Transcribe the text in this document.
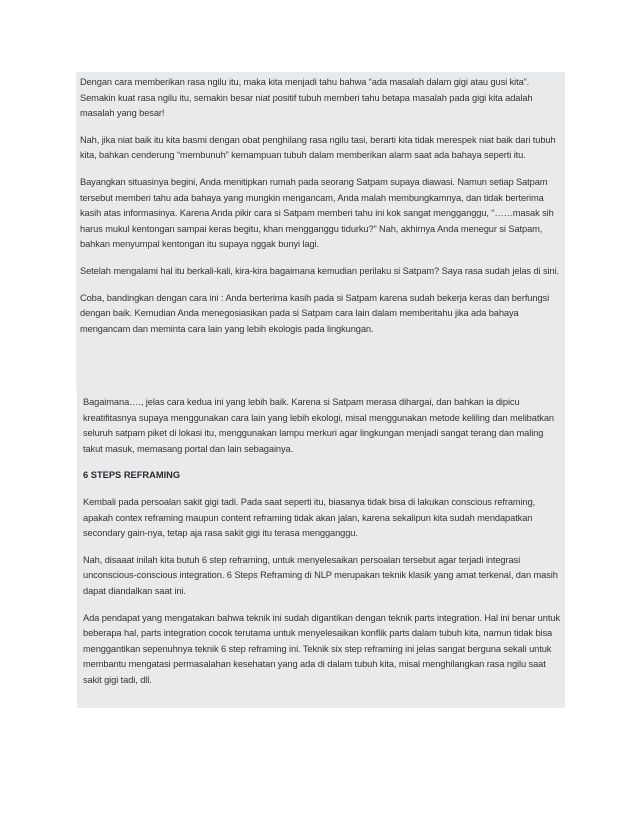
Dengan cara memberikan rasa ngilu itu, maka kita menjadi tahu bahwa “ada masalah dalam gigi atau gusi kita”. Semakin kuat rasa ngilu itu, semakin besar niat positif tubuh memberi tahu betapa masalah pada gigi kita adalah masalah yang besar!

Nah, jika niat baik itu kita basmi dengan obat penghilang rasa ngilu tasi, berarti kita tidak merespek niat baik dari tubuh kita, bahkan cenderung “membunuh” kemampuan tubuh dalam memberikan alarm saat ada bahaya seperti itu.

Bayangkan situasinya begini, Anda menitipkan rumah pada seorang Satpam supaya diawasi. Namun setiap Satpam tersebut memberi tahu ada bahaya yang mungkin mengancam, Anda malah membungkamnya, dan tidak berterima kasih atas informasinya. Karena Anda pikir cara si Satpam memberi tahu ini kok sangat mengganggu, “……masak sih harus mukul kentongan sampai keras begitu, khan mengganggu tidurku?” Nah, akhirnya Anda menegur si Satpam, bahkan menyumpal kentongan itu supaya nggak bunyi lagi.

Setelah mengalami hal itu berkali-kali, kira-kira bagaimana kemudian perilaku si Satpam? Saya rasa sudah jelas di sini.

Coba, bandingkan dengan cara ini : Anda berterima kasih pada si Satpam karena sudah bekerja keras dan berfungsi dengan baik. Kemudian Anda menegosiasikan pada si Satpam cara lain dalam memberitahu jika ada bahaya mengancam dan meminta cara lain yang lebih ekologis pada lingkungan.

Bagaimana…., jelas cara kedua ini yang lebih baik. Karena si Satpam merasa dihargai, dan bahkan ia dipicu kreatifitasnya supaya menggunakan cara lain yang lebih ekologi, misal menggunakan metode keliling dan melibatkan seluruh satpam piket di lokasi itu, menggunakan lampu merkuri agar lingkungan menjadi sangat terang dan maling takut masuk, memasang portal dan lain sebagainya.

6 STEPS REFRAMING

Kembali pada persoalan sakit gigi tadi. Pada saat seperti itu, biasanya tidak bisa di lakukan conscious reframing, apakah contex reframing maupun content reframing tidak akan jalan, karena sekalipun kita sudah mendapatkan secondary gain-nya, tetap aja rasa sakit gigi itu terasa mengganggu.

Nah, disaaat inilah kita butuh 6 step reframing, untuk menyelesaikan persoalan tersebut agar terjadi integrasi unconscious-conscious integration. 6 Steps Reframing di NLP merupakan teknik klasik yang amat terkenal, dan masih dapat diandalkan saat ini.

Ada pendapat yang mengatakan bahwa teknik ini sudah digantikan dengan teknik parts integration. Hal ini benar untuk beberapa hal, parts integration cocok terutama untuk menyelesaikan konflik parts dalam tubuh kita, namun tidak bisa menggantikan sepenuhnya teknik 6 step reframing ini. Teknik six step reframing ini jelas sangat berguna sekali untuk membantu mengatasi permasalahan kesehatan yang ada di dalam tubuh kita, misal menghilangkan rasa ngilu saat sakit gigi tadi, dll.
